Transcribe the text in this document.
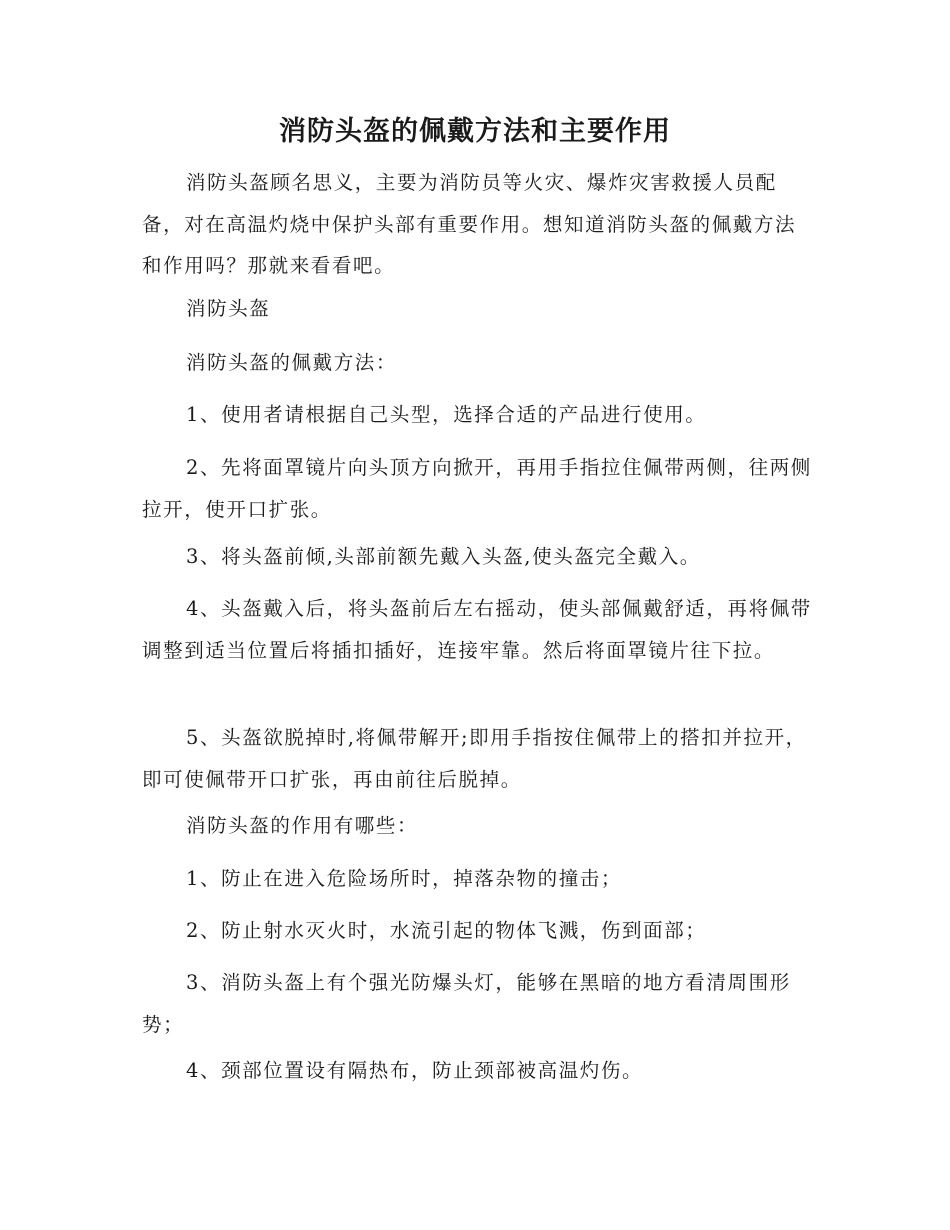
消防头盔的佩戴方法和主要作用

消防头盔顾名思义，主要为消防员等火灾、爆炸灾害救援人员配备，对在高温灼烧中保护头部有重要作用。想知道消防头盔的佩戴方法和作用吗？那就来看看吧。

消防头盔

消防头盔的佩戴方法：

1、使用者请根据自己头型，选择合适的产品进行使用。

2、先将面罩镜片向头顶方向掀开，再用手指拉住佩带两侧，往两侧拉开，使开口扩张。

3、将头盔前倾,头部前额先戴入头盔,使头盔完全戴入。

4、头盔戴入后，将头盔前后左右摇动，使头部佩戴舒适，再将佩带调整到适当位置后将插扣插好，连接牢靠。然后将面罩镜片往下拉。

5、头盔欲脱掉时,将佩带解开;即用手指按住佩带上的搭扣并拉开，即可使佩带开口扩张，再由前往后脱掉。

消防头盔的作用有哪些：

1、防止在进入危险场所时，掉落杂物的撞击；

2、防止射水灭火时，水流引起的物体飞溅，伤到面部；

3、消防头盔上有个强光防爆头灯，能够在黑暗的地方看清周围形势；

4、颈部位置设有隔热布，防止颈部被高温灼伤。
